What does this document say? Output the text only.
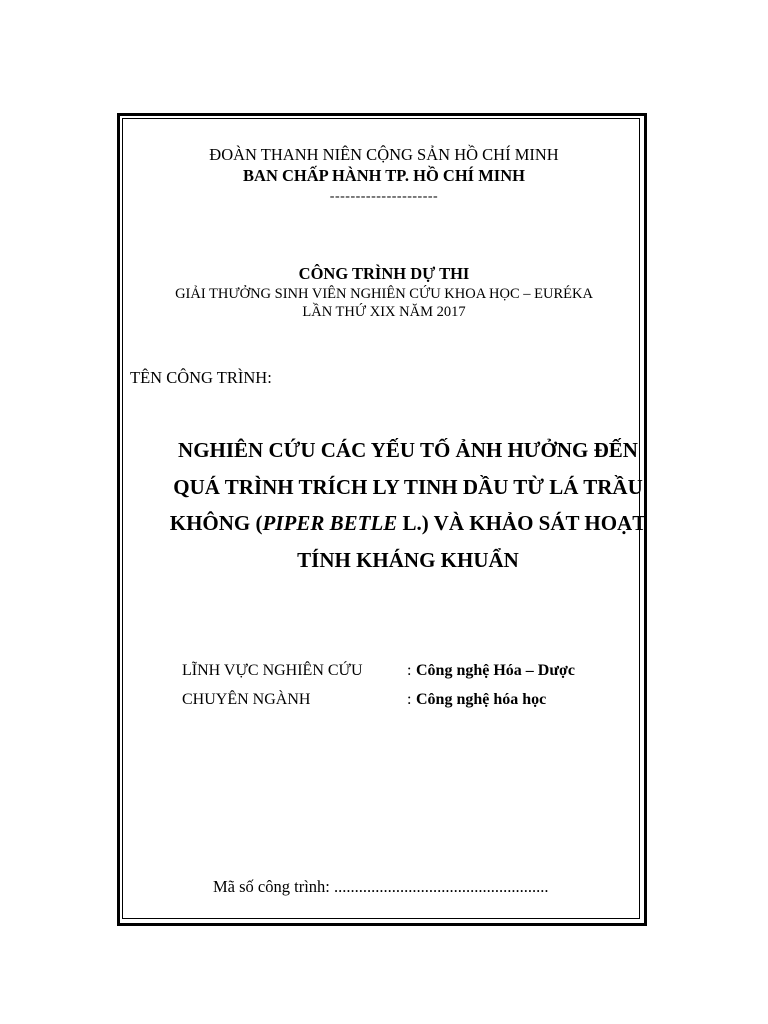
ĐOÀN THANH NIÊN CỘNG SẢN HỒ CHÍ MINH
BAN CHẤP HÀNH TP. HỒ CHÍ MINH
---------------------
CÔNG TRÌNH DỰ THI
GIẢI THƯỞNG SINH VIÊN NGHIÊN CỨU KHOA HỌC – EURÉKA
LẦN THỨ XIX NĂM 2017
TÊN CÔNG TRÌNH:
NGHIÊN CỨU CÁC YẾU TỐ ẢNH HƯỞNG ĐẾN
QUÁ TRÌNH TRÍCH LY TINH DẦU TỪ LÁ TRẦU
KHÔNG (PIPER BETLE L.) VÀ KHẢO SÁT HOẠT
TÍNH KHÁNG KHUẨN
LĨNH VỰC NGHIÊN CỨU	: Công nghệ Hóa – Dược
CHUYÊN NGÀNH	: Công nghệ hóa học
Mã số công trình: ....................................................
